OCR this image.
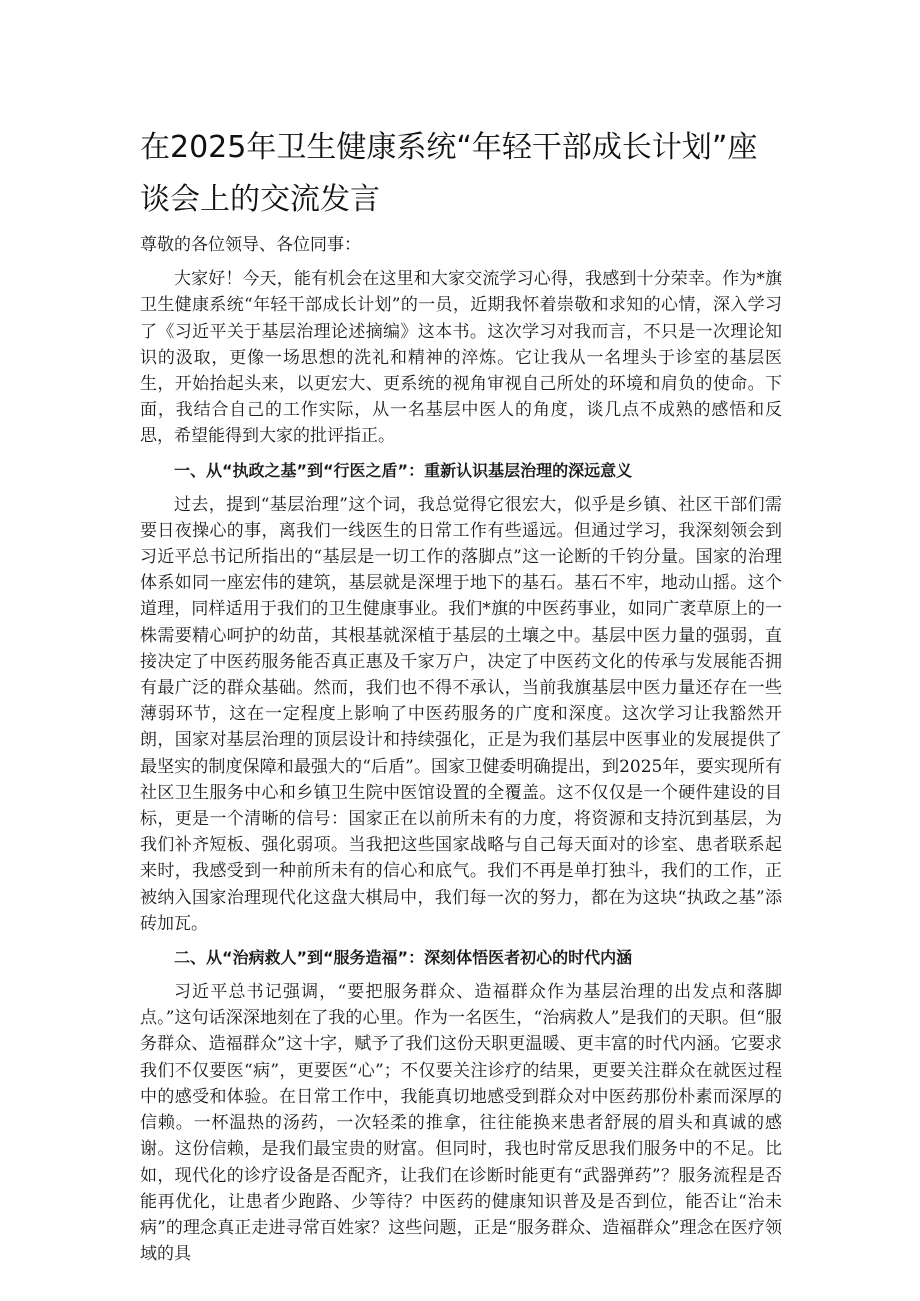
在2025年卫生健康系统“年轻干部成长计划”座谈会上的交流发言

尊敬的各位领导、各位同事：

大家好！今天，能有机会在这里和大家交流学习心得，我感到十分荣幸。作为*旗卫生健康系统“年轻干部成长计划”的一员，近期我怀着崇敬和求知的心情，深入学习了《习近平关于基层治理论述摘编》这本书。这次学习对我而言，不只是一次理论知识的汲取，更像一场思想的洗礼和精神的淬炼。它让我从一名埋头于诊室的基层医生，开始抬起头来，以更宏大、更系统的视角审视自己所处的环境和肩负的使命。下面，我结合自己的工作实际，从一名基层中医人的角度，谈几点不成熟的感悟和反思，希望能得到大家的批评指正。

一、从“执政之基”到“行医之盾”：重新认识基层治理的深远意义

过去，提到“基层治理”这个词，我总觉得它很宏大，似乎是乡镇、社区干部们需要日夜操心的事，离我们一线医生的日常工作有些遥远。但通过学习，我深刻领会到习近平总书记所指出的“基层是一切工作的落脚点”这一论断的千钧分量。国家的治理体系如同一座宏伟的建筑，基层就是深埋于地下的基石。基石不牢，地动山摇。这个道理，同样适用于我们的卫生健康事业。我们*旗的中医药事业，如同广袤草原上的一株需要精心呵护的幼苗，其根基就深植于基层的土壤之中。基层中医力量的强弱，直接决定了中医药服务能否真正惠及千家万户，决定了中医药文化的传承与发展能否拥有最广泛的群众基础。然而，我们也不得不承认，当前我旗基层中医力量还存在一些薄弱环节，这在一定程度上影响了中医药服务的广度和深度。这次学习让我豁然开朗，国家对基层治理的顶层设计和持续强化，正是为我们基层中医事业的发展提供了最坚实的制度保障和最强大的“后盾”。国家卫健委明确提出，到2025年，要实现所有社区卫生服务中心和乡镇卫生院中医馆设置的全覆盖。这不仅仅是一个硬件建设的目标，更是一个清晰的信号：国家正在以前所未有的力度，将资源和支持沉到基层，为我们补齐短板、强化弱项。当我把这些国家战略与自己每天面对的诊室、患者联系起来时，我感受到一种前所未有的信心和底气。我们不再是单打独斗，我们的工作，正被纳入国家治理现代化这盘大棋局中，我们每一次的努力，都在为这块“执政之基”添砖加瓦。

二、从“治病救人”到“服务造福”：深刻体悟医者初心的时代内涵

习近平总书记强调，“要把服务群众、造福群众作为基层治理的出发点和落脚点。”这句话深深地刻在了我的心里。作为一名医生，“治病救人”是我们的天职。但“服务群众、造福群众”这十字，赋予了我们这份天职更温暖、更丰富的时代内涵。它要求我们不仅要医“病”，更要医“心”；不仅要关注诊疗的结果，更要关注群众在就医过程中的感受和体验。在日常工作中，我能真切地感受到群众对中医药那份朴素而深厚的信赖。一杯温热的汤药，一次轻柔的推拿，往往能换来患者舒展的眉头和真诚的感谢。这份信赖，是我们最宝贵的财富。但同时，我也时常反思我们服务中的不足。比如，现代化的诊疗设备是否配齐，让我们在诊断时能更有“武器弹药”？服务流程是否能再优化，让患者少跑路、少等待？中医药的健康知识普及是否到位，能否让“治未病”的理念真正走进寻常百姓家？这些问题，正是“服务群众、造福群众”理念在医疗领域的具
